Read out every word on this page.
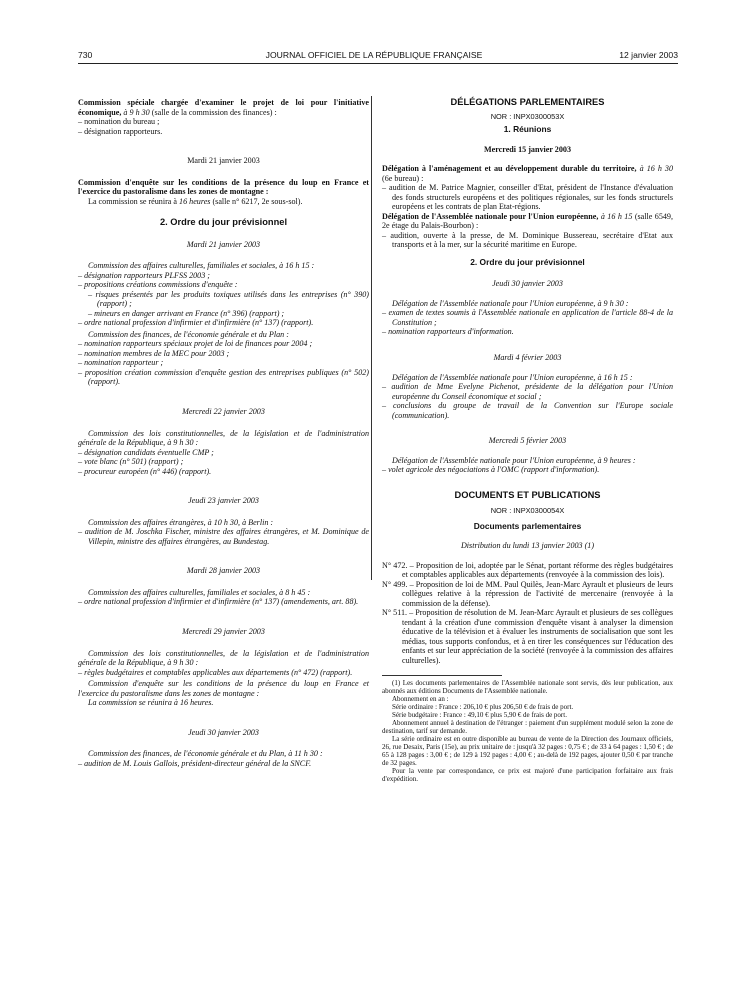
730	JOURNAL OFFICIEL DE LA RÉPUBLIQUE FRANÇAISE	12 janvier 2003

Commission spéciale chargée d'examiner le projet de loi pour l'initiative économique, à 9 h 30 (salle de la commission des finances) :

– nomination du bureau ;

– désignation rapporteurs.

Mardi 21 janvier 2003

Commission d'enquête sur les conditions de la présence du loup en France et l'exercice du pastoralisme dans les zones de montagne :

La commission se réunira à 16 heures (salle n° 6217, 2e sous-sol).

2. Ordre du jour prévisionnel

Mardi 21 janvier 2003

Commission des affaires culturelles, familiales et sociales, à 16 h 15 :

– désignation rapporteurs PLFSS 2003 ;

– propositions créations commissions d'enquête :

– risques présentés par les produits toxiques utilisés dans les entreprises (n° 390) (rapport) ;

– mineurs en danger arrivant en France (n° 396) (rapport) ;

– ordre national profession d'infirmier et d'infirmière (n° 137) (rapport).

Commission des finances, de l'économie générale et du Plan :

– nomination rapporteurs spéciaux projet de loi de finances pour 2004 ;

– nomination membres de la MEC pour 2003 ;

– nomination rapporteur ;

– proposition création commission d'enquête gestion des entreprises publiques (n° 502) (rapport).

Mercredi 22 janvier 2003

Commission des lois constitutionnelles, de la législation et de l'administration générale de la République, à 9 h 30 :

– désignation candidats éventuelle CMP ;

– vote blanc (n° 501) (rapport) ;

– procureur européen (n° 446) (rapport).

Jeudi 23 janvier 2003

Commission des affaires étrangères, à 10 h 30, à Berlin :

– audition de M. Joschka Fischer, ministre des affaires étrangères, et M. Dominique de Villepin, ministre des affaires étrangères, au Bundestag.

Mardi 28 janvier 2003

Commission des affaires culturelles, familiales et sociales, à 8 h 45 :

– ordre national profession d'infirmier et d'infirmière (n° 137) (amendements, art. 88).

Mercredi 29 janvier 2003

Commission des lois constitutionnelles, de la législation et de l'administration générale de la République, à 9 h 30 :

– règles budgétaires et comptables applicables aux départements (n° 472) (rapport).

Commission d'enquête sur les conditions de la présence du loup en France et l'exercice du pastoralisme dans les zones de montagne :

La commission se réunira à 16 heures.

Jeudi 30 janvier 2003

Commission des finances, de l'économie générale et du Plan, à 11 h 30 :

– audition de M. Louis Gallois, président-directeur général de la SNCF.

DÉLÉGATIONS PARLEMENTAIRES

NOR : INPX0300053X

1. Réunions

Mercredi 15 janvier 2003

Délégation à l'aménagement et au développement durable du territoire, à 16 h 30 (6e bureau) :

– audition de M. Patrice Magnier, conseiller d'Etat, président de l'Instance d'évaluation des fonds structurels européens et des politiques régionales, sur les fonds structurels européens et les contrats de plan Etat-régions.

Délégation de l'Assemblée nationale pour l'Union européenne, à 16 h 15 (salle 6549, 2e étage du Palais-Bourbon) :

– audition, ouverte à la presse, de M. Dominique Bussereau, secrétaire d'Etat aux transports et à la mer, sur la sécurité maritime en Europe.

2. Ordre du jour prévisionnel

Jeudi 30 janvier 2003

Délégation de l'Assemblée nationale pour l'Union européenne, à 9 h 30 :

– examen de textes soumis à l'Assemblée nationale en application de l'article 88-4 de la Constitution ;

– nomination rapporteurs d'information.

Mardi 4 février 2003

Délégation de l'Assemblée nationale pour l'Union européenne, à 16 h 15 :

– audition de Mme Evelyne Pichenot, présidente de la délégation pour l'Union européenne du Conseil économique et social ;

– conclusions du groupe de travail de la Convention sur l'Europe sociale (communication).

Mercredi 5 février 2003

Délégation de l'Assemblée nationale pour l'Union européenne, à 9 heures :

– volet agricole des négociations à l'OMC (rapport d'information).

DOCUMENTS ET PUBLICATIONS

NOR : INPX0300054X

Documents parlementaires

Distribution du lundi 13 janvier 2003 (1)

N° 472. – Proposition de loi, adoptée par le Sénat, portant réforme des règles budgétaires et comptables applicables aux départements (renvoyée à la commission des lois).

N° 499. – Proposition de loi de MM. Paul Quilès, Jean-Marc Ayrault et plusieurs de leurs collègues relative à la répression de l'activité de mercenaire (renvoyée à la commission de la défense).

N° 511. – Proposition de résolution de M. Jean-Marc Ayrault et plusieurs de ses collègues tendant à la création d'une commission d'enquête visant à analyser la dimension éducative de la télévision et à évaluer les instruments de socialisation que sont les médias, tous supports confondus, et à en tirer les conséquences sur l'éducation des enfants et sur leur appréciation de la société (renvoyée à la commission des affaires culturelles).

(1) Les documents parlementaires de l'Assemblée nationale sont servis, dès leur publication, aux abonnés aux éditions Documents de l'Assemblée nationale.

Abonnement en an :

Série ordinaire : France : 206,10 € plus 206,50 € de frais de port.

Série budgétaire : France : 49,10 € plus 5,90 € de frais de port.

Abonnement annuel à destination de l'étranger : paiement d'un supplément modulé selon la zone de destination, tarif sur demande.

La série ordinaire est en outre disponible au bureau de vente de la Direction des Journaux officiels, 26, rue Desaix, Paris (15e), au prix unitaire de : jusqu'à 32 pages : 0,75 € ; de 33 à 64 pages : 1,50 € ; de 65 à 128 pages : 3,00 € ; de 129 à 192 pages : 4,00 € ; au-delà de 192 pages, ajouter 0,50 € par tranche de 32 pages.

Pour la vente par correspondance, ce prix est majoré d'une participation forfaitaire aux frais d'expédition.
